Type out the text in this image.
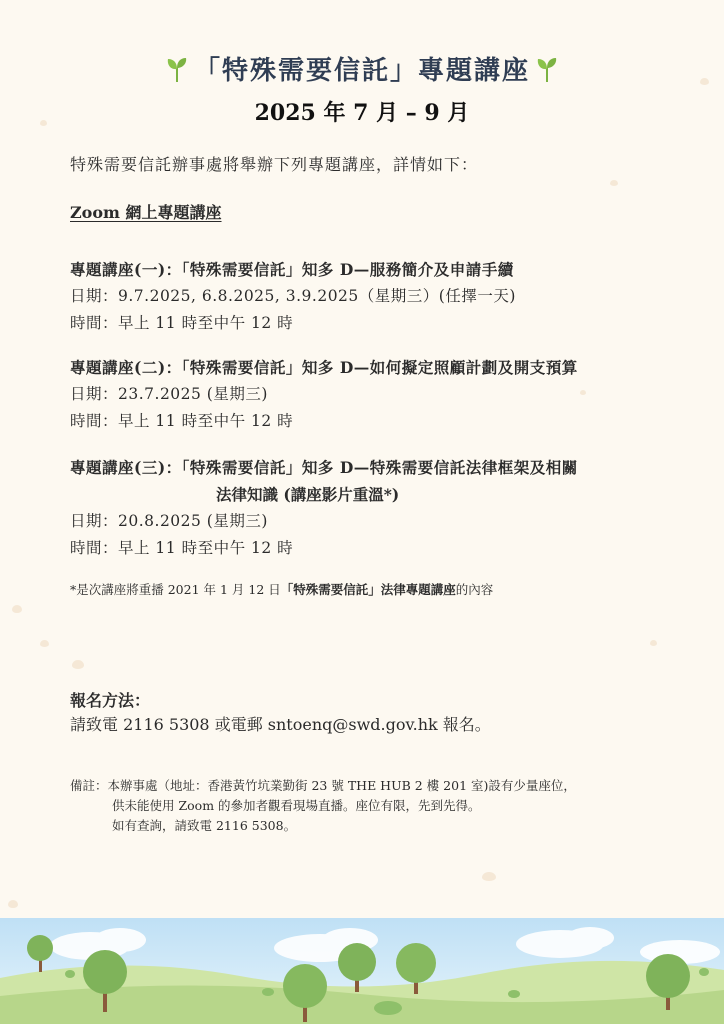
「特殊需要信託」專題講座
2025 年 7 月 – 9 月
特殊需要信託辦事處將舉辦下列專題講座，詳情如下：
Zoom 網上專題講座
專題講座(一)：「特殊需要信託」知多 D—服務簡介及申請手續
日期：9.7.2025, 6.8.2025, 3.9.2025（星期三）(任擇一天)
時間：早上 11 時至中午 12 時
專題講座(二)：「特殊需要信託」知多 D—如何擬定照顧計劃及開支預算
日期：23.7.2025 (星期三)
時間：早上 11 時至中午 12 時
專題講座(三)：「特殊需要信託」知多 D—特殊需要信託法律框架及相關
法律知識 (講座影片重溫*)
日期：20.8.2025 (星期三)
時間：早上 11 時至中午 12 時
*是次講座將重播 2021 年 1 月 12 日「特殊需要信託」法律專題講座的內容
報名方法：
請致電 2116 5308 或電郵 sntoenq@swd.gov.hk 報名。
備註：本辦事處（地址：香港黃竹坑業勤街 23 號 THE HUB 2 樓 201 室)設有少量座位，
供未能使用 Zoom 的參加者觀看現場直播。座位有限，先到先得。
如有查詢，請致電 2116 5308。
